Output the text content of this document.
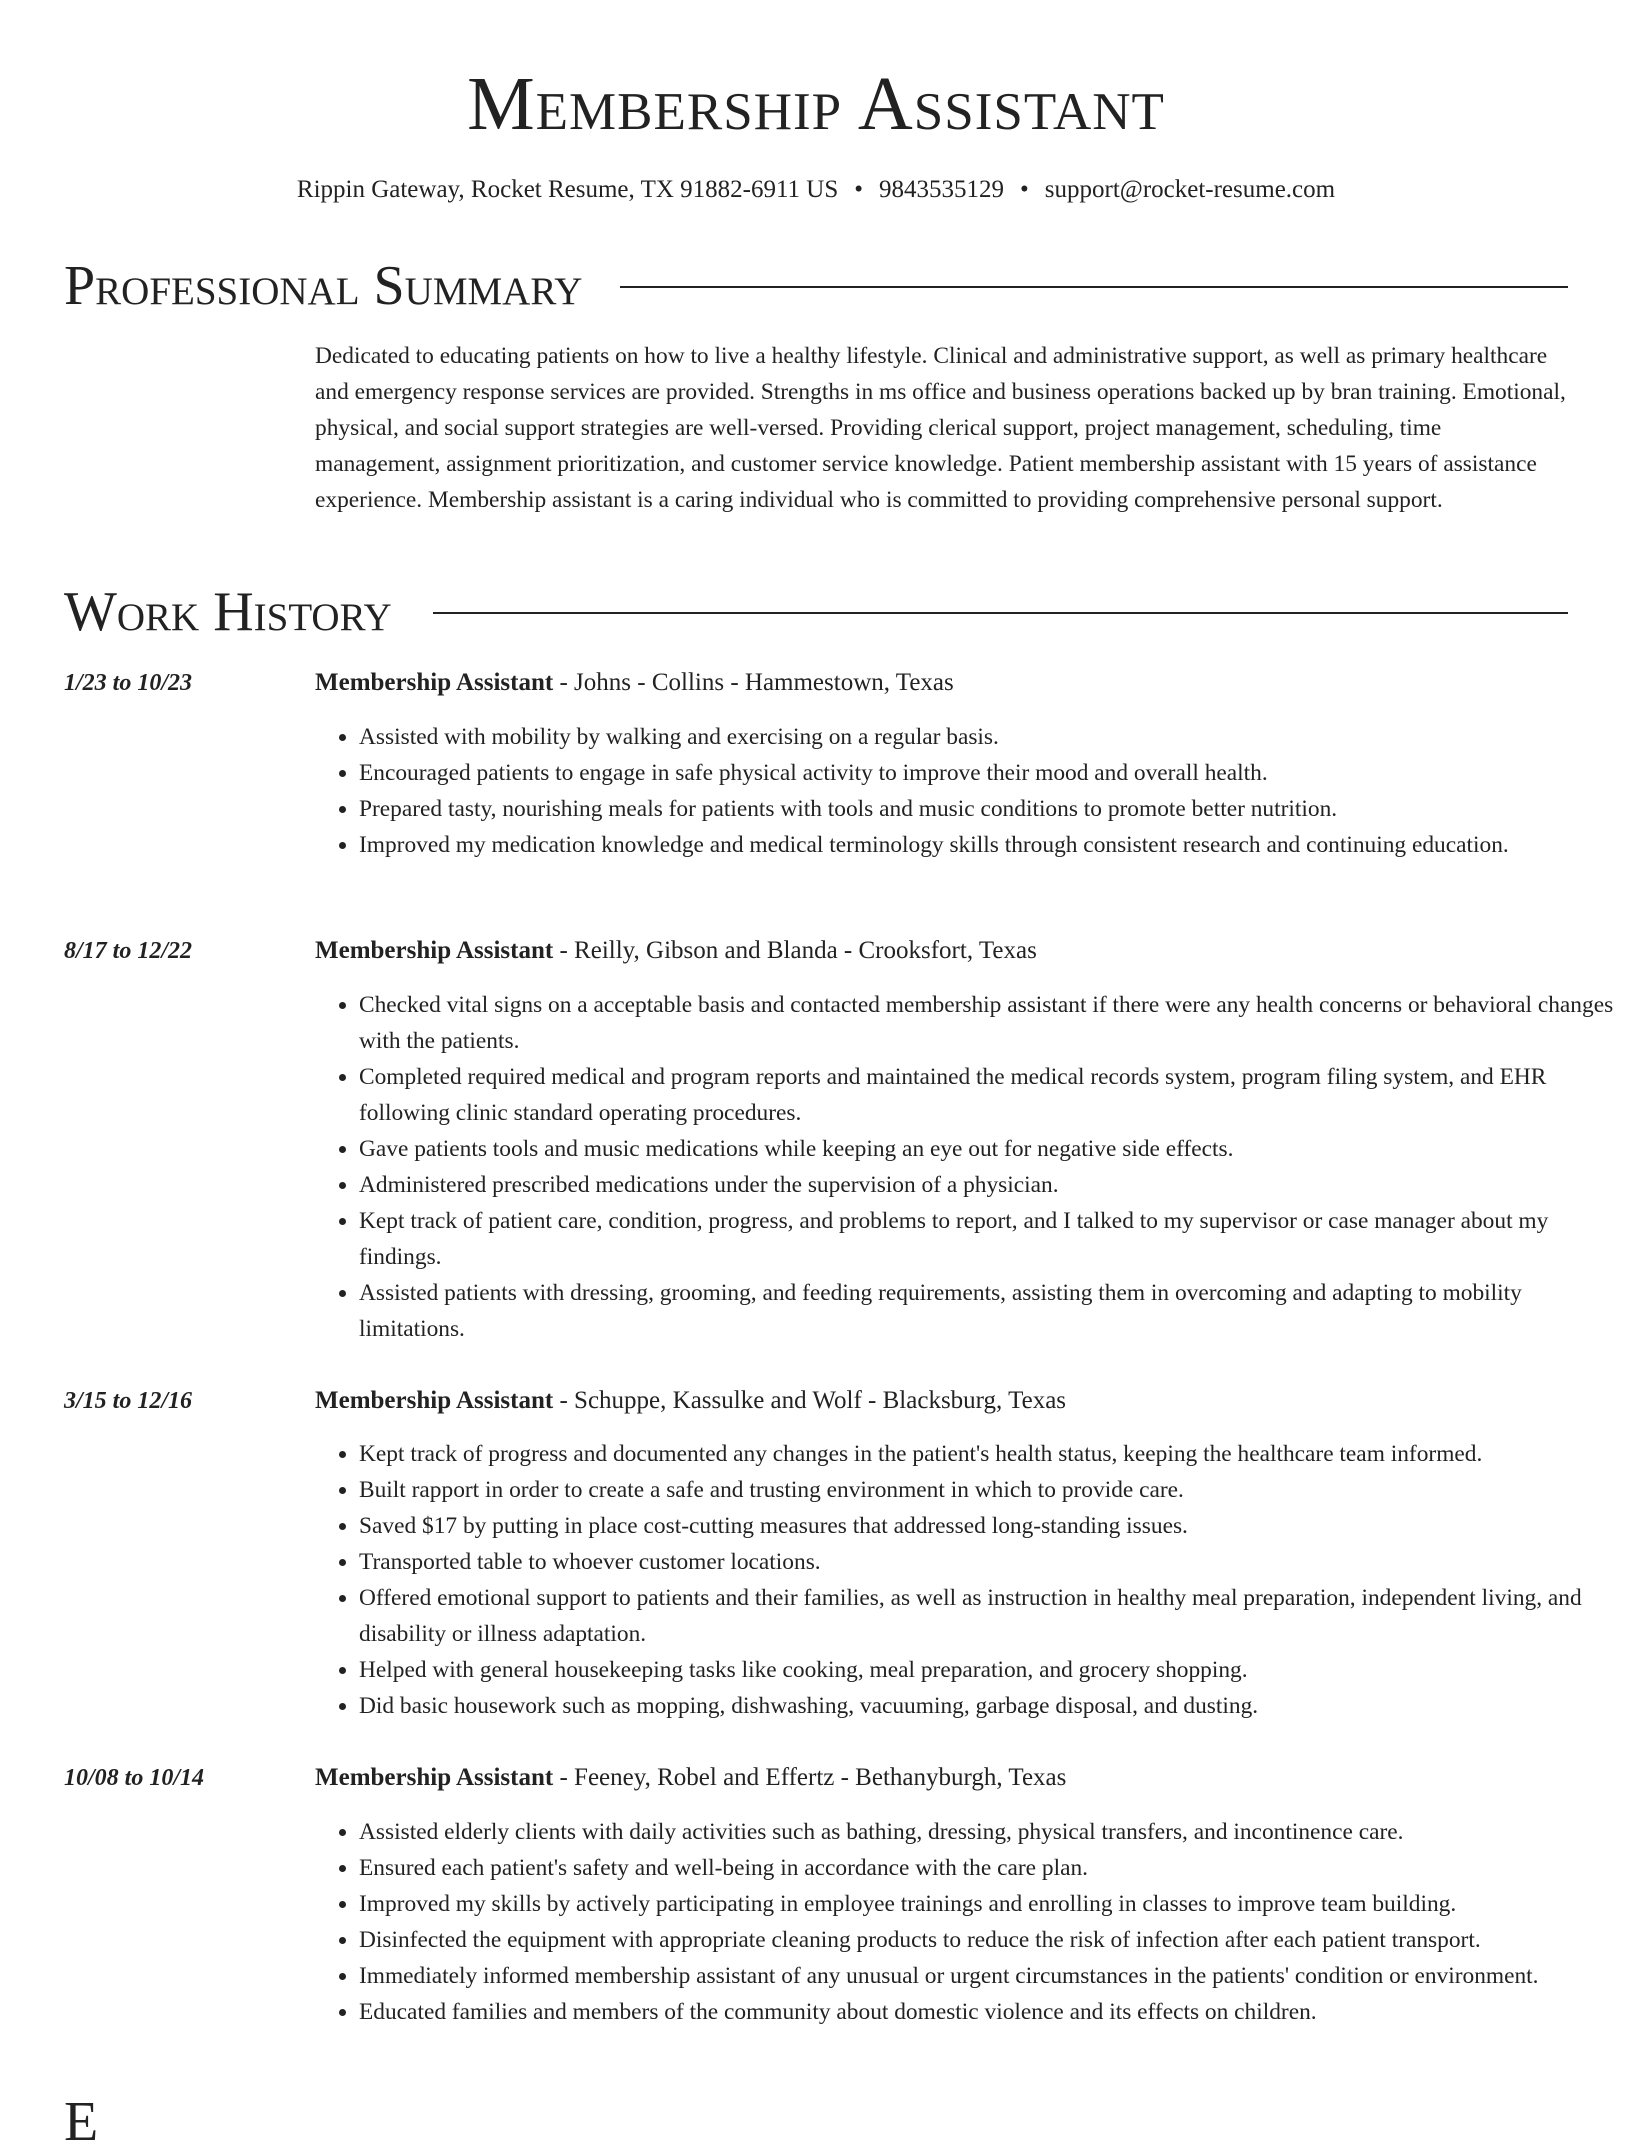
Membership Assistant
Rippin Gateway, Rocket Resume, TX 91882-6911 US • 9843535129 • support@rocket-resume.com
Professional Summary
Dedicated to educating patients on how to live a healthy lifestyle. Clinical and administrative support, as well as primary healthcare and emergency response services are provided. Strengths in ms office and business operations backed up by bran training. Emotional, physical, and social support strategies are well-versed. Providing clerical support, project management, scheduling, time management, assignment prioritization, and customer service knowledge. Patient membership assistant with 15 years of assistance experience. Membership assistant is a caring individual who is committed to providing comprehensive personal support.
Work History
1/23 to 10/23	Membership Assistant - Johns - Collins - Hammestown, Texas
• Assisted with mobility by walking and exercising on a regular basis.
• Encouraged patients to engage in safe physical activity to improve their mood and overall health.
• Prepared tasty, nourishing meals for patients with tools and music conditions to promote better nutrition.
• Improved my medication knowledge and medical terminology skills through consistent research and continuing education.
8/17 to 12/22	Membership Assistant - Reilly, Gibson and Blanda - Crooksfort, Texas
• Checked vital signs on a acceptable basis and contacted membership assistant if there were any health concerns or behavioral changes with the patients.
• Completed required medical and program reports and maintained the medical records system, program filing system, and EHR following clinic standard operating procedures.
• Gave patients tools and music medications while keeping an eye out for negative side effects.
• Administered prescribed medications under the supervision of a physician.
• Kept track of patient care, condition, progress, and problems to report, and I talked to my supervisor or case manager about my findings.
• Assisted patients with dressing, grooming, and feeding requirements, assisting them in overcoming and adapting to mobility limitations.
3/15 to 12/16	Membership Assistant - Schuppe, Kassulke and Wolf - Blacksburg, Texas
• Kept track of progress and documented any changes in the patient's health status, keeping the healthcare team informed.
• Built rapport in order to create a safe and trusting environment in which to provide care.
• Saved $17 by putting in place cost-cutting measures that addressed long-standing issues.
• Transported table to whoever customer locations.
• Offered emotional support to patients and their families, as well as instruction in healthy meal preparation, independent living, and disability or illness adaptation.
• Helped with general housekeeping tasks like cooking, meal preparation, and grocery shopping.
• Did basic housework such as mopping, dishwashing, vacuuming, garbage disposal, and dusting.
10/08 to 10/14	Membership Assistant - Feeney, Robel and Effertz - Bethanyburgh, Texas
• Assisted elderly clients with daily activities such as bathing, dressing, physical transfers, and incontinence care.
• Ensured each patient's safety and well-being in accordance with the care plan.
• Improved my skills by actively participating in employee trainings and enrolling in classes to improve team building.
• Disinfected the equipment with appropriate cleaning products to reduce the risk of infection after each patient transport.
• Immediately informed membership assistant of any unusual or urgent circumstances in the patients' condition or environment.
• Educated families and members of the community about domestic violence and its effects on children.
E
